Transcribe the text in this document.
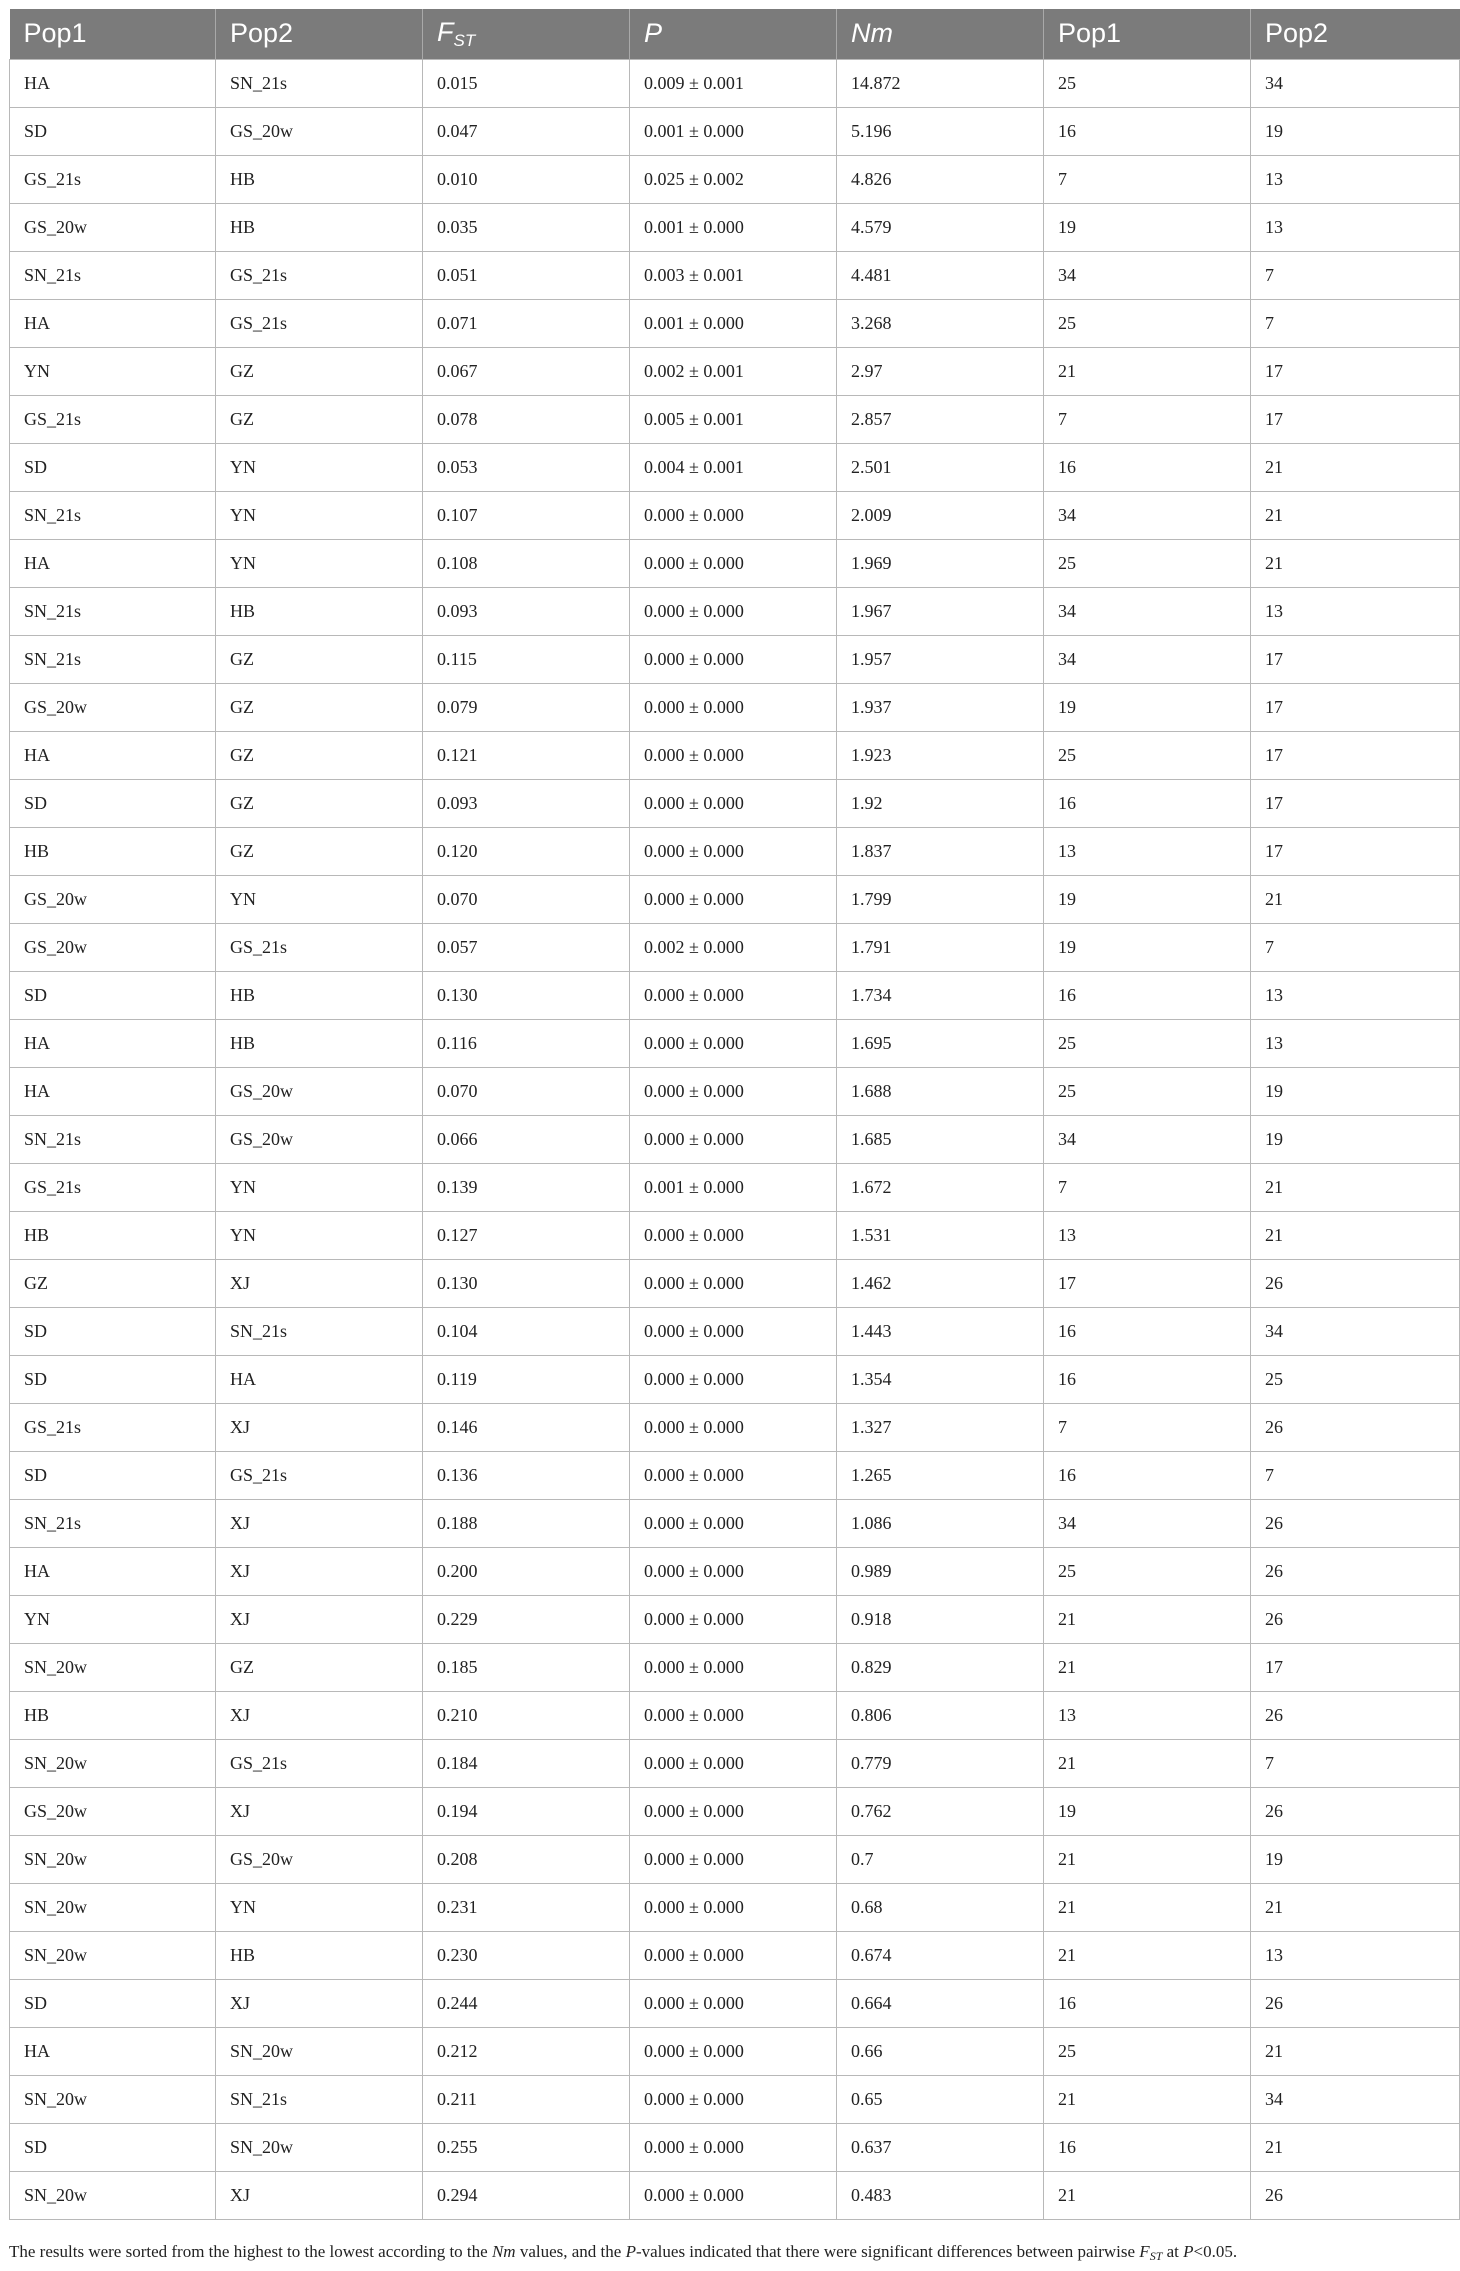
Pop1	Pop2	$F_{ST}$	P	Nm	Pop1	Pop2
HA	SN_21s	0.015	0.009 ± 0.001	14.872	25	34
SD	GS_20w	0.047	0.001 ± 0.000	5.196	16	19
GS_21s	HB	0.010	0.025 ± 0.002	4.826	7	13
GS_20w	HB	0.035	0.001 ± 0.000	4.579	19	13
SN_21s	GS_21s	0.051	0.003 ± 0.001	4.481	34	7
HA	GS_21s	0.071	0.001 ± 0.000	3.268	25	7
YN	GZ	0.067	0.002 ± 0.001	2.97	21	17
GS_21s	GZ	0.078	0.005 ± 0.001	2.857	7	17
SD	YN	0.053	0.004 ± 0.001	2.501	16	21
SN_21s	YN	0.107	0.000 ± 0.000	2.009	34	21
HA	YN	0.108	0.000 ± 0.000	1.969	25	21
SN_21s	HB	0.093	0.000 ± 0.000	1.967	34	13
SN_21s	GZ	0.115	0.000 ± 0.000	1.957	34	17
GS_20w	GZ	0.079	0.000 ± 0.000	1.937	19	17
HA	GZ	0.121	0.000 ± 0.000	1.923	25	17
SD	GZ	0.093	0.000 ± 0.000	1.92	16	17
HB	GZ	0.120	0.000 ± 0.000	1.837	13	17
GS_20w	YN	0.070	0.000 ± 0.000	1.799	19	21
GS_20w	GS_21s	0.057	0.002 ± 0.000	1.791	19	7
SD	HB	0.130	0.000 ± 0.000	1.734	16	13
HA	HB	0.116	0.000 ± 0.000	1.695	25	13
HA	GS_20w	0.070	0.000 ± 0.000	1.688	25	19
SN_21s	GS_20w	0.066	0.000 ± 0.000	1.685	34	19
GS_21s	YN	0.139	0.001 ± 0.000	1.672	7	21
HB	YN	0.127	0.000 ± 0.000	1.531	13	21
GZ	XJ	0.130	0.000 ± 0.000	1.462	17	26
SD	SN_21s	0.104	0.000 ± 0.000	1.443	16	34
SD	HA	0.119	0.000 ± 0.000	1.354	16	25
GS_21s	XJ	0.146	0.000 ± 0.000	1.327	7	26
SD	GS_21s	0.136	0.000 ± 0.000	1.265	16	7
SN_21s	XJ	0.188	0.000 ± 0.000	1.086	34	26
HA	XJ	0.200	0.000 ± 0.000	0.989	25	26
YN	XJ	0.229	0.000 ± 0.000	0.918	21	26
SN_20w	GZ	0.185	0.000 ± 0.000	0.829	21	17
HB	XJ	0.210	0.000 ± 0.000	0.806	13	26
SN_20w	GS_21s	0.184	0.000 ± 0.000	0.779	21	7
GS_20w	XJ	0.194	0.000 ± 0.000	0.762	19	26
SN_20w	GS_20w	0.208	0.000 ± 0.000	0.7	21	19
SN_20w	YN	0.231	0.000 ± 0.000	0.68	21	21
SN_20w	HB	0.230	0.000 ± 0.000	0.674	21	13
SD	XJ	0.244	0.000 ± 0.000	0.664	16	26
HA	SN_20w	0.212	0.000 ± 0.000	0.66	25	21
SN_20w	SN_21s	0.211	0.000 ± 0.000	0.65	21	34
SD	SN_20w	0.255	0.000 ± 0.000	0.637	16	21
SN_20w	XJ	0.294	0.000 ± 0.000	0.483	21	26
The results were sorted from the highest to the lowest according to the Nm values, and the P-values indicated that there were significant differences between pairwise $F_{ST}$ at P<0.05.
